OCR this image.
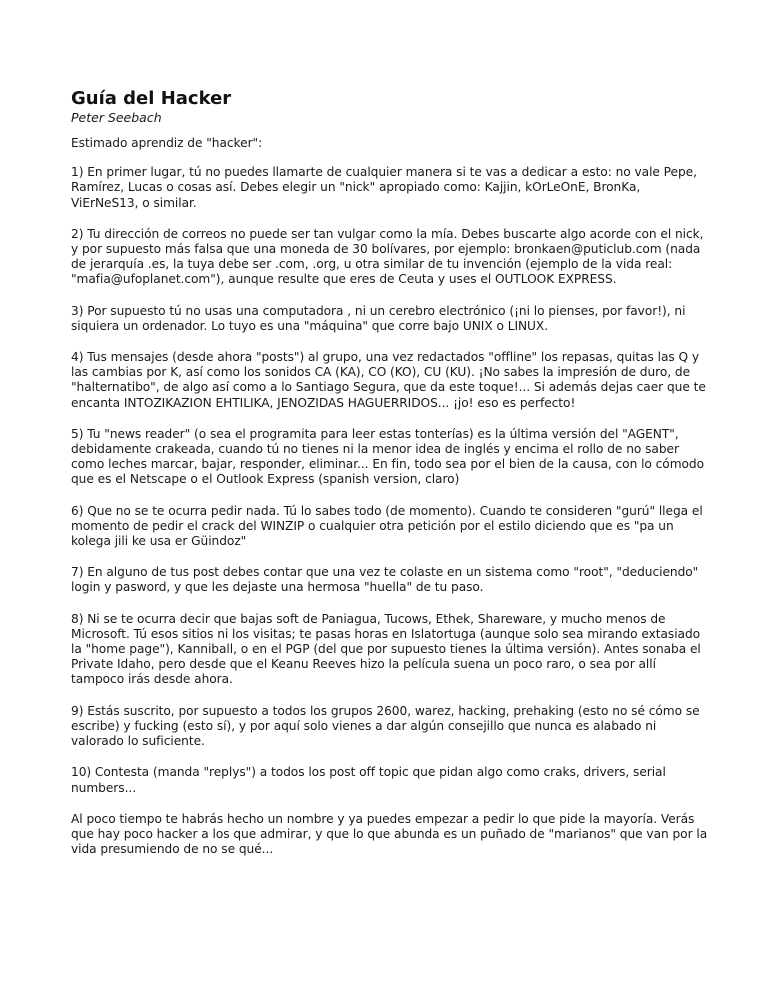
Guía del Hacker

Peter Seebach

Estimado aprendiz de "hacker":

1) En primer lugar, tú no puedes llamarte de cualquier manera si te vas a dedicar a esto: no vale Pepe, Ramírez, Lucas o cosas así. Debes elegir un "nick" apropiado como: Kajjin, kOrLeOnE, BronKa, ViErNeS13, o similar.

2) Tu dirección de correos no puede ser tan vulgar como la mía. Debes buscarte algo acorde con el nick, y por supuesto más falsa que una moneda de 30 bolívares, por ejemplo: bronkaen@puticlub.com (nada de jerarquía .es, la tuya debe ser .com, .org, u otra similar de tu invención (ejemplo de la vida real: "mafia@ufoplanet.com"), aunque resulte que eres de Ceuta y uses el OUTLOOK EXPRESS.

3) Por supuesto tú no usas una computadora , ni un cerebro electrónico (¡ni lo pienses, por favor!), ni siquiera un ordenador. Lo tuyo es una "máquina" que corre bajo UNIX o LINUX.

4) Tus mensajes (desde ahora "posts") al grupo, una vez redactados "offline" los repasas, quitas las Q y las cambias por K, así como los sonidos CA (KA), CO (KO), CU (KU). ¡No sabes la impresión de duro, de "halternatibo", de algo así como a lo Santiago Segura, que da este toque!... Si además dejas caer que te encanta INTOZIKAZION EHTILIKA, JENOZIDAS HAGUERRIDOS... ¡jo! eso es perfecto!

5) Tu "news reader" (o sea el programita para leer estas tonterías) es la última versión del "AGENT", debidamente crakeada, cuando tú no tienes ni la menor idea de inglés y encima el rollo de no saber como leches marcar, bajar, responder, eliminar... En fin, todo sea por el bien de la causa, con lo cómodo que es el Netscape o el Outlook Express (spanish version, claro)

6) Que no se te ocurra pedir nada. Tú lo sabes todo (de momento). Cuando te consideren "gurú" llega el momento de pedir el crack del WINZIP o cualquier otra petición por el estilo diciendo que es "pa un kolega jili ke usa er Güindoz"

7) En alguno de tus post debes contar que una vez te colaste en un sistema como "root", "deduciendo" login y pasword, y que les dejaste una hermosa "huella" de tu paso.

8) Ni se te ocurra decir que bajas soft de Paniagua, Tucows, Ethek, Shareware, y mucho menos de Microsoft. Tú esos sitios ni los visitas; te pasas horas en Islatortuga (aunque solo sea mirando extasiado la "home page"), Kanniball, o en el PGP (del que por supuesto tienes la última versión). Antes sonaba el Private Idaho, pero desde que el Keanu Reeves hizo la película suena un poco raro, o sea por allí tampoco irás desde ahora.

9) Estás suscrito, por supuesto a todos los grupos 2600, warez, hacking, prehaking (esto no sé cómo se escribe) y fucking (esto sí), y por aquí solo vienes a dar algún consejillo que nunca es alabado ni valorado lo suficiente.

10) Contesta (manda "replys") a todos los post off topic que pidan algo como craks, drivers, serial numbers...

Al poco tiempo te habrás hecho un nombre y ya puedes empezar a pedir lo que pide la mayoría. Verás que hay poco hacker a los que admirar, y que lo que abunda es un puñado de "marianos" que van por la vida presumiendo de no se qué...
